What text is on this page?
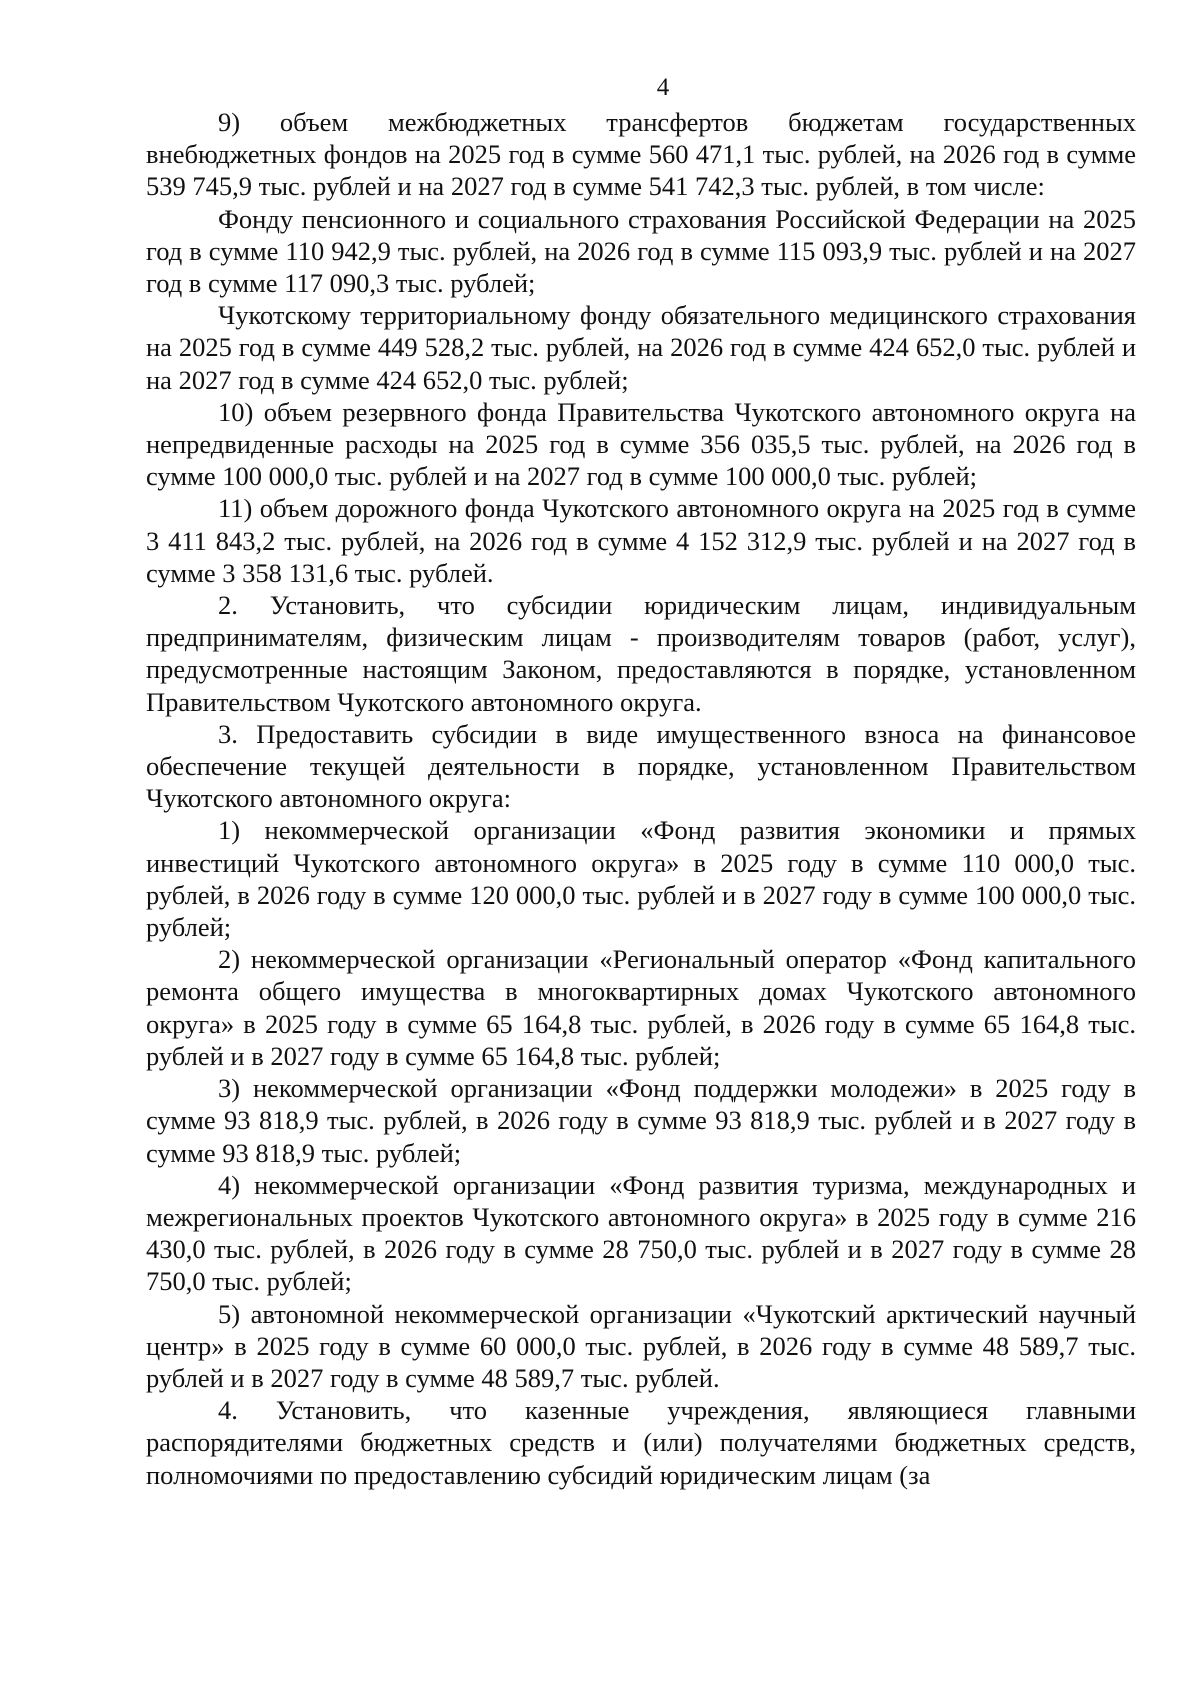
4

9) объем межбюджетных трансфертов бюджетам государственных внебюджетных фондов на 2025 год в сумме 560 471,1 тыс. рублей, на 2026 год в сумме 539 745,9 тыс. рублей и на 2027 год в сумме 541 742,3 тыс. рублей, в том числе:

Фонду пенсионного и социального страхования Российской Федерации на 2025 год в сумме 110 942,9 тыс. рублей, на 2026 год в сумме 115 093,9 тыс. рублей и на 2027 год в сумме 117 090,3 тыс. рублей;

Чукотскому территориальному фонду обязательного медицинского страхования на 2025 год в сумме 449 528,2 тыс. рублей, на 2026 год в сумме 424 652,0 тыс. рублей и на 2027 год в сумме 424 652,0 тыс. рублей;

10) объем резервного фонда Правительства Чукотского автономного округа на непредвиденные расходы на 2025 год в сумме 356 035,5 тыс. рублей, на 2026 год в сумме 100 000,0 тыс. рублей и на 2027 год в сумме 100 000,0 тыс. рублей;

11) объем дорожного фонда Чукотского автономного округа на 2025 год в сумме 3 411 843,2 тыс. рублей, на 2026 год в сумме 4 152 312,9 тыс. рублей и на 2027 год в сумме 3 358 131,6 тыс. рублей.

2. Установить, что субсидии юридическим лицам, индивидуальным предпринимателям, физическим лицам - производителям товаров (работ, услуг), предусмотренные настоящим Законом, предоставляются в порядке, установленном Правительством Чукотского автономного округа.

3. Предоставить субсидии в виде имущественного взноса на финансовое обеспечение текущей деятельности в порядке, установленном Правительством Чукотского автономного округа:

1) некоммерческой организации «Фонд развития экономики и прямых инвестиций Чукотского автономного округа» в 2025 году в сумме 110 000,0 тыс. рублей, в 2026 году в сумме 120 000,0 тыс. рублей и в 2027 году в сумме 100 000,0 тыс. рублей;

2) некоммерческой организации «Региональный оператор «Фонд капитального ремонта общего имущества в многоквартирных домах Чукотского автономного округа» в 2025 году в сумме 65 164,8 тыс. рублей, в 2026 году в сумме 65 164,8 тыс. рублей и в 2027 году в сумме 65 164,8 тыс. рублей;

3) некоммерческой организации «Фонд поддержки молодежи» в 2025 году в сумме 93 818,9 тыс. рублей, в 2026 году в сумме 93 818,9 тыс. рублей и в 2027 году в сумме 93 818,9 тыс. рублей;

4) некоммерческой организации «Фонд развития туризма, международных и межрегиональных проектов Чукотского автономного округа» в 2025 году в сумме 216 430,0 тыс. рублей, в 2026 году в сумме 28 750,0 тыс. рублей и в 2027 году в сумме 28 750,0 тыс. рублей;

5) автономной некоммерческой организации «Чукотский арктический научный центр» в 2025 году в сумме 60 000,0 тыс. рублей, в 2026 году в сумме 48 589,7 тыс. рублей и в 2027 году в сумме 48 589,7 тыс. рублей.

4. Установить, что казенные учреждения, являющиеся главными распорядителями бюджетных средств и (или) получателями бюджетных средств, полномочиями по предоставлению субсидий юридическим лицам (за
